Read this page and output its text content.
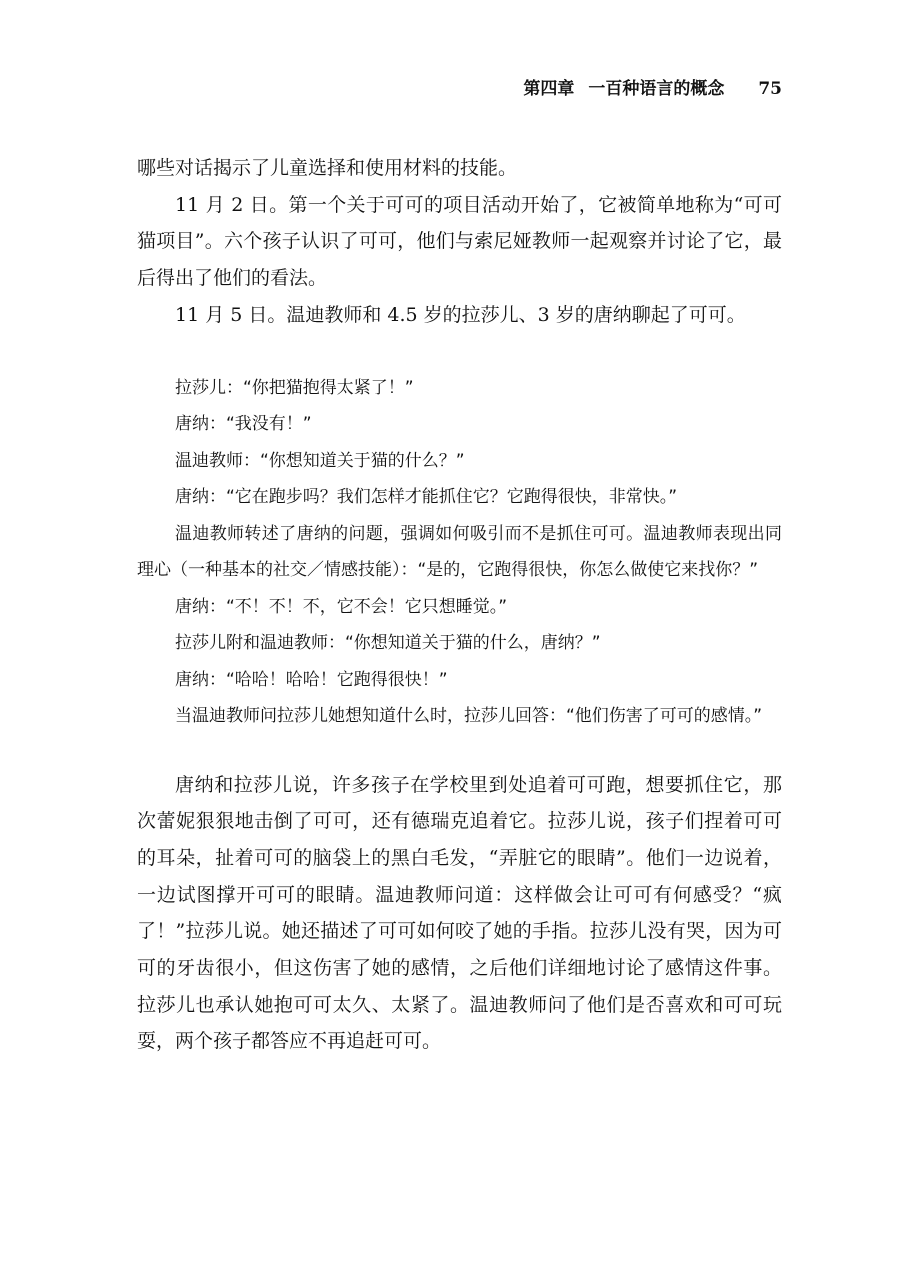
第四章 一百种语言的概念 75

哪些对话揭示了儿童选择和使用材料的技能。

11 月 2 日。第一个关于可可的项目活动开始了，它被简单地称为“可可猫项目”。六个孩子认识了可可，他们与索尼娅教师一起观察并讨论了它，最后得出了他们的看法。

11 月 5 日。温迪教师和 4.5 岁的拉莎儿、3 岁的唐纳聊起了可可。

拉莎儿：“你把猫抱得太紧了！”

唐纳：“我没有！”

温迪教师：“你想知道关于猫的什么？”

唐纳：“它在跑步吗？我们怎样才能抓住它？它跑得很快，非常快。”

温迪教师转述了唐纳的问题，强调如何吸引而不是抓住可可。温迪教师表现出同理心（一种基本的社交／情感技能）：“是的，它跑得很快，你怎么做使它来找你？”

唐纳：“不！不！不，它不会！它只想睡觉。”

拉莎儿附和温迪教师：“你想知道关于猫的什么，唐纳？”

唐纳：“哈哈！哈哈！它跑得很快！”

当温迪教师问拉莎儿她想知道什么时，拉莎儿回答：“他们伤害了可可的感情。”

唐纳和拉莎儿说，许多孩子在学校里到处追着可可跑，想要抓住它，那次蕾妮狠狠地击倒了可可，还有德瑞克追着它。拉莎儿说，孩子们捏着可可的耳朵，扯着可可的脑袋上的黑白毛发，“弄脏它的眼睛”。他们一边说着，一边试图撑开可可的眼睛。温迪教师问道：这样做会让可可有何感受？“疯了！”拉莎儿说。她还描述了可可如何咬了她的手指。拉莎儿没有哭，因为可可的牙齿很小，但这伤害了她的感情，之后他们详细地讨论了感情这件事。拉莎儿也承认她抱可可太久、太紧了。温迪教师问了他们是否喜欢和可可玩耍，两个孩子都答应不再追赶可可。
